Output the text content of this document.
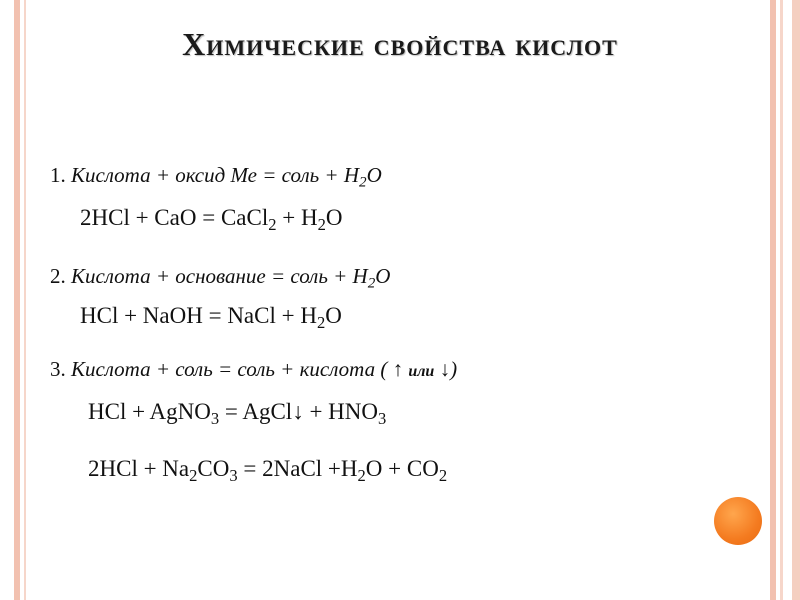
Химические свойства кислот
1. Кислота + оксид Ме = соль + $Н_2О$
2HCl + CaO = CaCl$_2$ + $H_2O$
2. Кислота + основание = соль + $Н_2О$
HCl + NaOH = NaCl + $H_2O$
3. Кислота + соль = соль + кислота ( ↑ или ↓)
HCl + AgNO$_3$ = AgCl↓ + $HNO_3$
$2HCl + Na_2CO_3$ = 2NaCl $+H_2O + CO_2$
